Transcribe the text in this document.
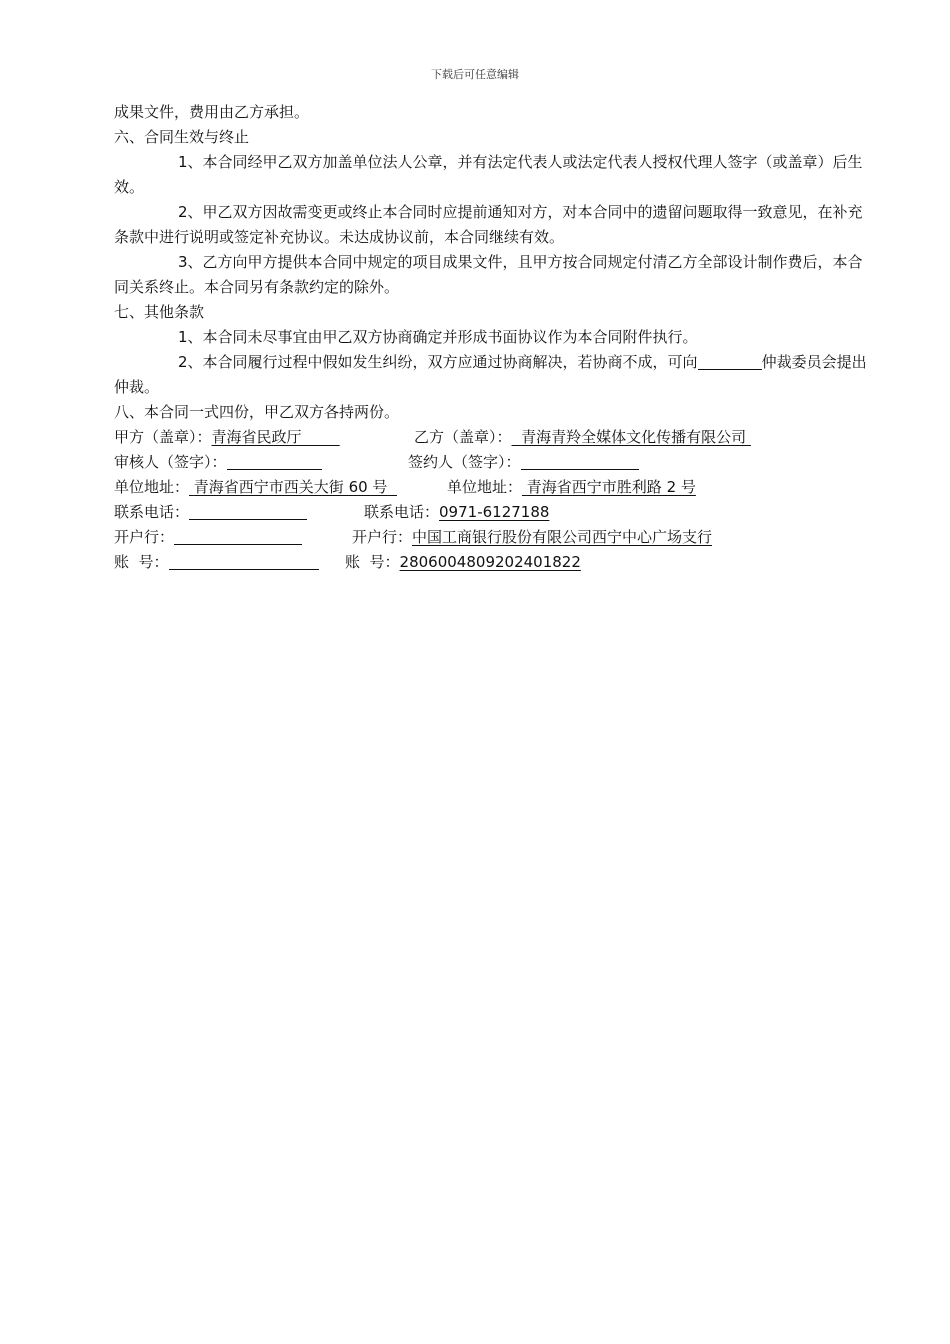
下载后可任意编辑
成果文件，费用由乙方承担。
六、合同生效与终止
1、本合同经甲乙双方加盖单位法人公章，并有法定代表人或法定代表人授权代理人签字（或盖章）后生效。
2、甲乙双方因故需变更或终止本合同时应提前通知对方，对本合同中的遗留问题取得一致意见，在补充条款中进行说明或签定补充协议。未达成协议前，本合同继续有效。
3、乙方向甲方提供本合同中规定的项目成果文件，且甲方按合同规定付清乙方全部设计制作费后，本合同关系终止。本合同另有条款约定的除外。
七、其他条款
1、本合同未尽事宜由甲乙双方协商确定并形成书面协议作为本合同附件执行。
2、本合同履行过程中假如发生纠纷，双方应通过协商解决，若协商不成，可向	仲裁委员会提出仲裁。
八、本合同一式四份，甲乙双方各持两份。
甲方（盖章）：青海省民政厅	乙方（盖章）： 青海青羚全媒体文化传播有限公司
审核人（签字）：	签约人（签字）：
单位地址： 青海省西宁市西关大街 60 号	单位地址： 青海省西宁市胜利路 2 号
联系电话：	联系电话：0971-6127188
开户行：	开户行：中国工商银行股份有限公司西宁中心广场支行
账  号：	账  号：2806004809202401822
